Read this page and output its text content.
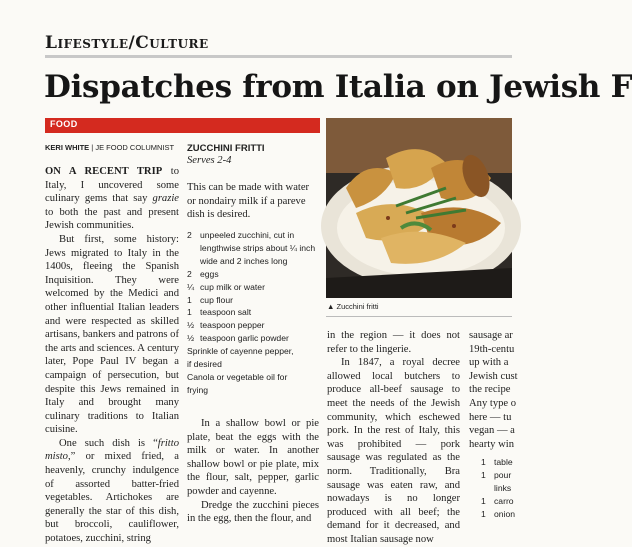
Lifestyle/Culture
Dispatches from Italia on Jewish F
FOOD
KERI WHITE | JE FOOD COLUMNIST

ON A RECENT TRIP to Italy, I uncovered some culinary gems that say grazie to both the past and present Jewish communities.

But first, some history: Jews migrated to Italy in the 1400s, fleeing the Spanish Inquisition. They were welcomed by the Medici and other influential Italian leaders and were respected as skilled artisans, bankers and patrons of the arts and sciences. A century later, Pope Paul IV began a campaign of persecution, but despite this Jews remained in Italy and brought many culinary traditions to Italian cuisine.

One such dish is “fritto misto,” or mixed fried, a heavenly, crunchy indulgence of assorted batter-fried vegetables. Artichokes are generally the star of this dish, but broccoli, cauliflower, potatoes, zucchini, string

ZUCCHINI FRITTI
Serves 2-4
This can be made with water or nondairy milk if a pareve dish is desired.
2 unpeeled zucchini, cut in lengthwise strips about ¼ inch wide and 2 inches long
2 eggs
¼ cup milk or water
1 cup flour
1 teaspoon salt
½ teaspoon pepper
½ teaspoon garlic powder
Sprinkle of cayenne pepper,
if desired
Canola or vegetable oil for
frying

In a shallow bowl or pie plate, beat the eggs with the milk or water. In another shallow bowl or pie plate, mix the flour, salt, pepper, garlic powder and cayenne.

Dredge the zucchini pieces in the egg, then the flour, and

▲ Zucchini fritti

in the region — it does not refer to the lingerie.

In 1847, a royal decree allowed local butchers to produce all-beef sausage to meet the needs of the Jewish community, which eschewed pork. In the rest of Italy, this was prohibited — pork sausage was regulated as the norm. Traditionally, Bra sausage was eaten raw, and nowadays is no longer produced with all beef; the demand for it decreased, and most Italian sausage now

sausage ar
19th-centu
up with a
Jewish cust
the recipe
Any type o
here — tu
vegan — a
hearty win
1 table
1 pour
links
1 carro
1 onion
